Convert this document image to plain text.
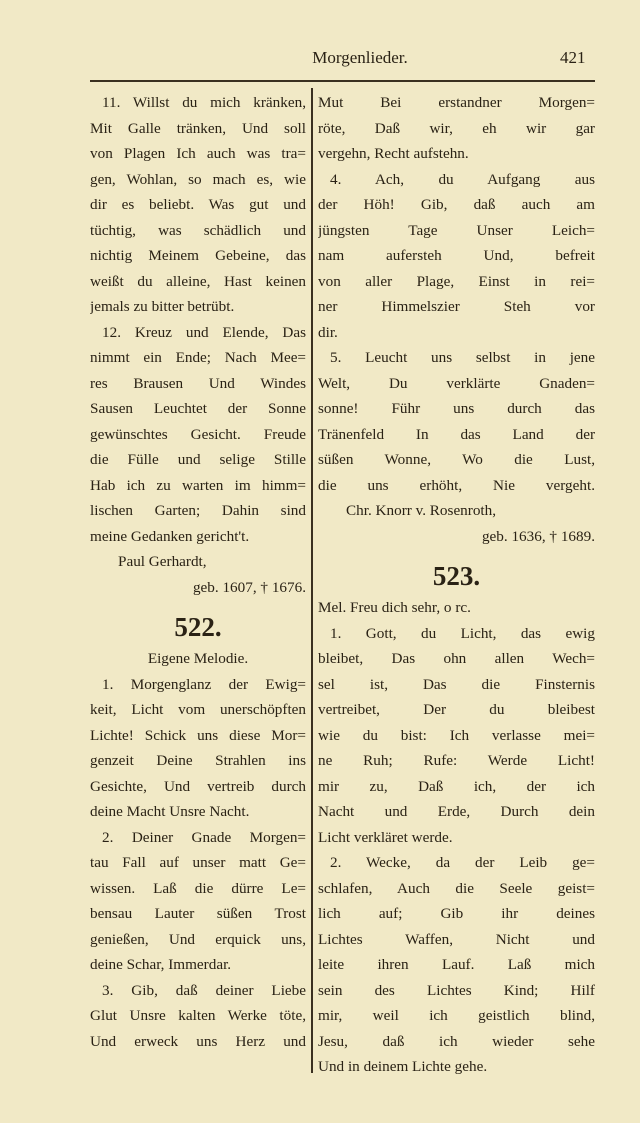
Morgenlieder.	421
11. Willst du mich kränken,
Mit Galle tränken, Und soll
von Plagen Ich auch was tra=
gen, Wohlan, so mach es, wie
dir es beliebt. Was gut und
tüchtig, was schädlich und
nichtig Meinem Gebeine, das
weißt du alleine, Hast keinen
jemals zu bitter betrübt.
12. Kreuz und Elende, Das
nimmt ein Ende; Nach Mee=
res Brausen Und Windes
Sausen Leuchtet der Sonne
gewünschtes Gesicht. Freude
die Fülle und selige Stille
Hab ich zu warten im himm=
lischen Garten; Dahin sind
meine Gedanken gericht't.
Paul Gerhardt,
geb. 1607, † 1676.
522.
Eigene Melodie.
1. Morgenglanz der Ewig=
keit, Licht vom unerschöpften
Lichte! Schick uns diese Mor=
genzeit Deine Strahlen ins
Gesichte, Und vertreib durch
deine Macht Unsre Nacht.
2. Deiner Gnade Morgen=
tau Fall auf unser matt Ge=
wissen. Laß die dürre Le=
bensau Lauter süßen Trost
genießen, Und erquick uns,
deine Schar, Immerdar.
3. Gib, daß deiner Liebe
Glut Unsre kalten Werke töte,
Und erweck uns Herz und
Mut Bei erstandner Morgen=
röte, Daß wir, eh wir gar
vergehn, Recht aufstehn.
4. Ach, du Aufgang aus
der Höh! Gib, daß auch am
jüngsten Tage Unser Leich=
nam aufersteh Und, befreit
von aller Plage, Einst in rei=
ner Himmelszier Steh vor
dir.
5. Leucht uns selbst in jene
Welt, Du verklärte Gnaden=
sonne! Führ uns durch das
Tränenfeld In das Land der
süßen Wonne, Wo die Lust,
die uns erhöht, Nie vergeht.
Chr. Knorr v. Rosenroth,
geb. 1636, † 1689.
523.
Mel. Freu dich sehr, o rc.
1. Gott, du Licht, das ewig
bleibet, Das ohn allen Wech=
sel ist, Das die Finsternis
vertreibet, Der du bleibest
wie du bist: Ich verlasse mei=
ne Ruh; Rufe: Werde Licht!
mir zu, Daß ich, der ich
Nacht und Erde, Durch dein
Licht verkläret werde.
2. Wecke, da der Leib ge=
schlafen, Auch die Seele geist=
lich auf; Gib ihr deines
Lichtes Waffen, Nicht und
leite ihren Lauf. Laß mich
sein des Lichtes Kind; Hilf
mir, weil ich geistlich blind,
Jesu, daß ich wieder sehe
Und in deinem Lichte gehe.
